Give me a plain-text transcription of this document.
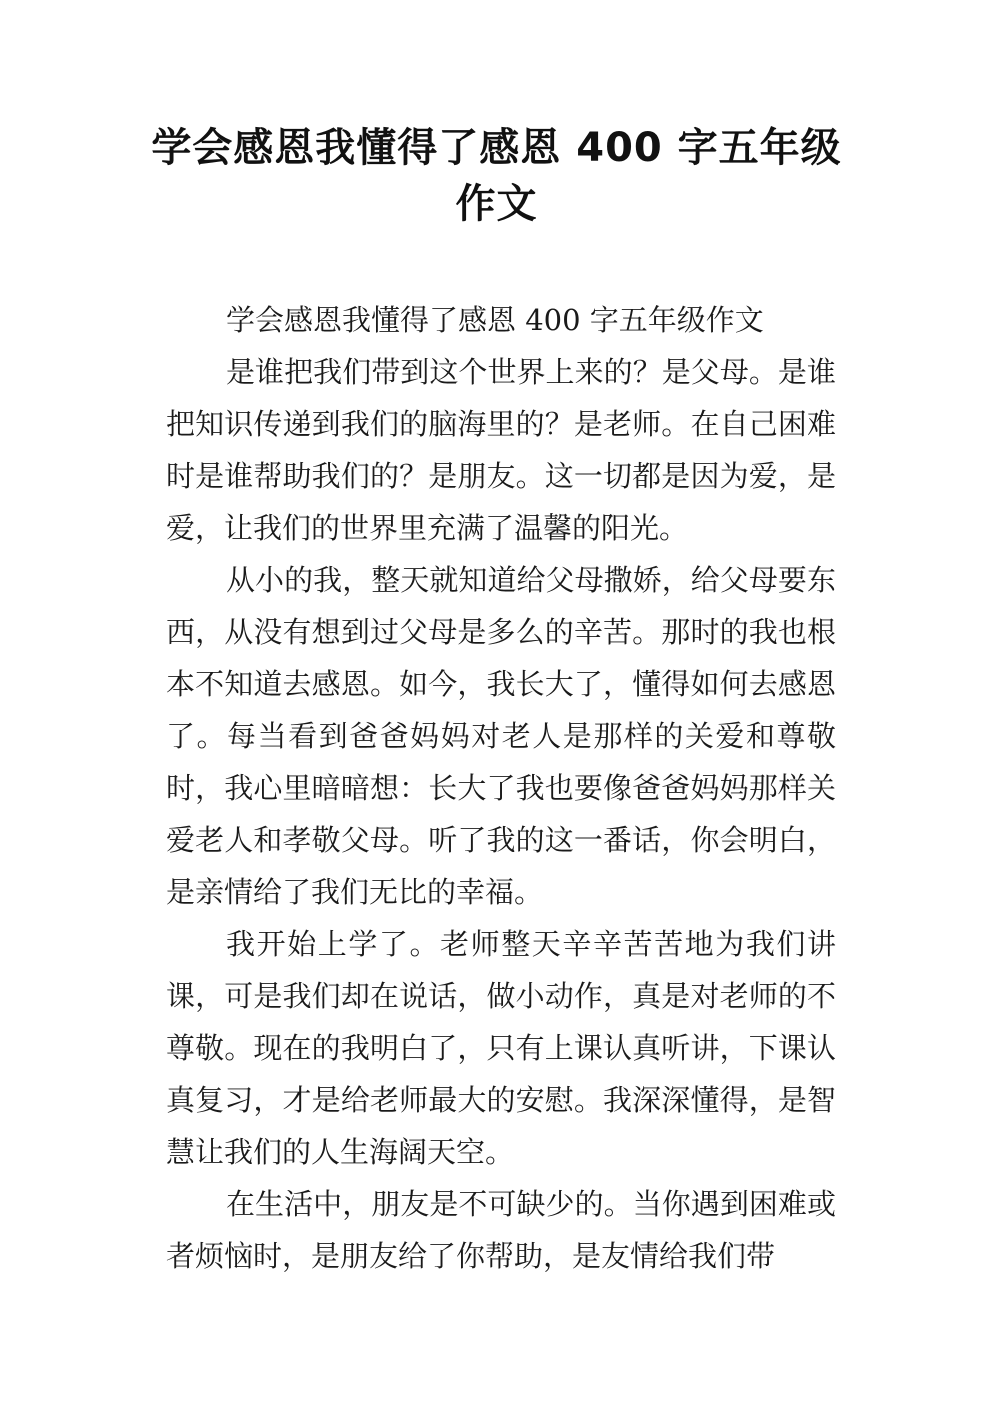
学会感恩我懂得了感恩 400 字五年级
作文

学会感恩我懂得了感恩 400 字五年级作文

是谁把我们带到这个世界上来的？是父母。是谁把知识传递到我们的脑海里的？是老师。在自己困难时是谁帮助我们的？是朋友。这一切都是因为爱，是爱，让我们的世界里充满了温馨的阳光。

从小的我，整天就知道给父母撒娇，给父母要东西，从没有想到过父母是多么的辛苦。那时的我也根本不知道去感恩。如今，我长大了，懂得如何去感恩了。每当看到爸爸妈妈对老人是那样的关爱和尊敬时，我心里暗暗想：长大了我也要像爸爸妈妈那样关爱老人和孝敬父母。听了我的这一番话，你会明白，是亲情给了我们无比的幸福。

我开始上学了。老师整天辛辛苦苦地为我们讲课，可是我们却在说话，做小动作，真是对老师的不尊敬。现在的我明白了，只有上课认真听讲，下课认真复习，才是给老师最大的安慰。我深深懂得，是智慧让我们的人生海阔天空。

在生活中，朋友是不可缺少的。当你遇到困难或者烦恼时，是朋友给了你帮助，是友情给我们带
